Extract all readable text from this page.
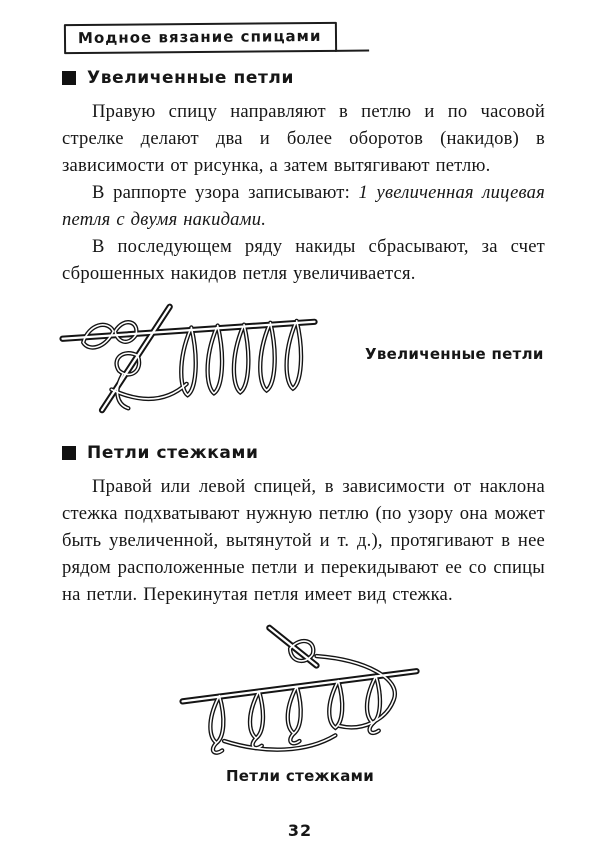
Модное вязание спицами
Увеличенные петли

Правую спицу направляют в петлю и по часовой стрелке делают два и более оборотов (накидов) в зависимости от рисунка, а затем вытягивают петлю.

В раппорте узора записывают: 1 увеличенная лицевая петля с двумя накидами.

В последующем ряду накиды сбрасывают, за счет сброшенных накидов петля увеличивается.

Увеличенные петли
Петли стежками

Правой или левой спицей, в зависимости от наклона стежка подхватывают нужную петлю (по узору она может быть увеличенной, вытянутой и т. д.), протягивают в нее рядом расположенные петли и перекидывают ее со спицы на петли. Перекинутая петля имеет вид стежка.

Петли стежками
32
